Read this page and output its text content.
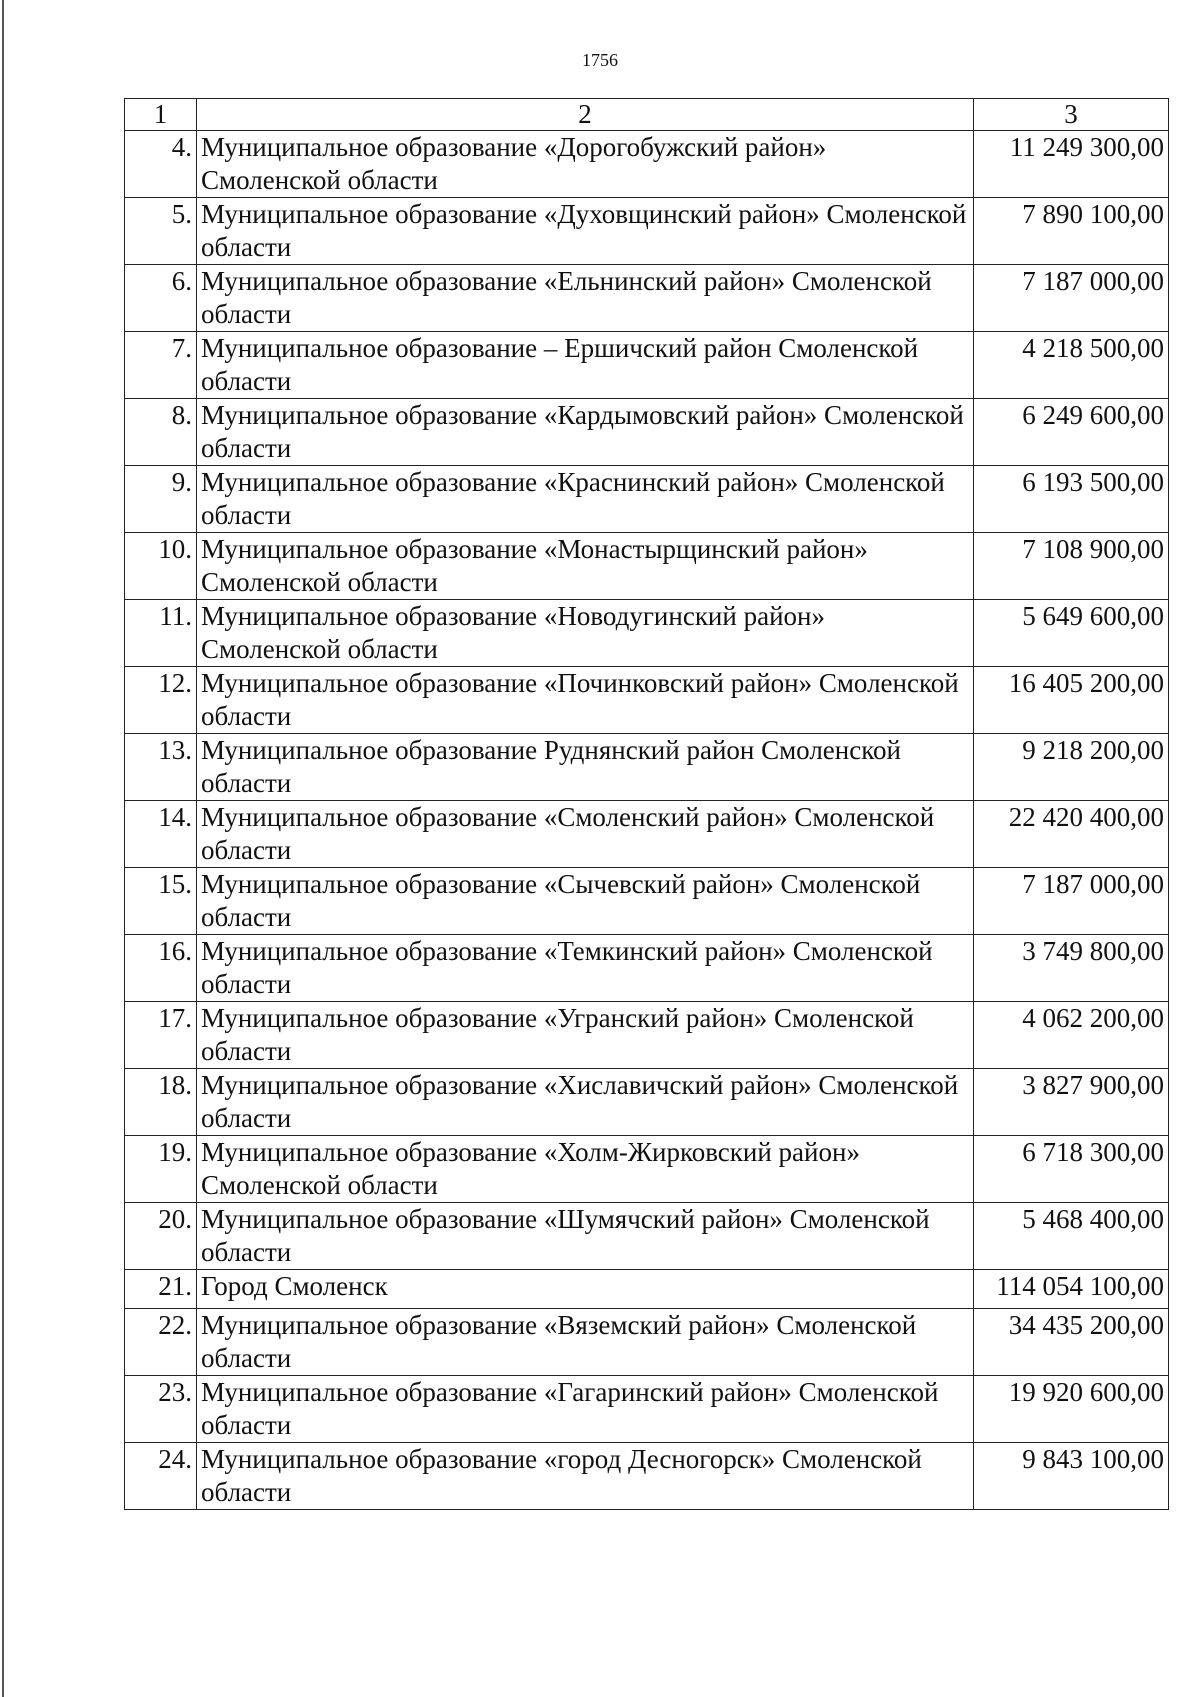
1756
1	2	3
4.	Муниципальное образование «Дорогобужский район» Смоленской области	11 249 300,00
5.	Муниципальное образование «Духовщинский район» Смоленской области	7 890 100,00
6.	Муниципальное образование «Ельнинский район» Смоленской области	7 187 000,00
7.	Муниципальное образование – Ершичский район Смоленской области	4 218 500,00
8.	Муниципальное образование «Кардымовский район» Смоленской области	6 249 600,00
9.	Муниципальное образование «Краснинский район» Смоленской области	6 193 500,00
10.	Муниципальное образование «Монастырщинский район» Смоленской области	7 108 900,00
11.	Муниципальное образование «Новодугинский район» Смоленской области	5 649 600,00
12.	Муниципальное образование «Починковский район» Смоленской области	16 405 200,00
13.	Муниципальное образование Руднянский район Смоленской области	9 218 200,00
14.	Муниципальное образование «Смоленский район» Смоленской области	22 420 400,00
15.	Муниципальное образование «Сычевский район» Смоленской области	7 187 000,00
16.	Муниципальное образование «Темкинский район» Смоленской области	3 749 800,00
17.	Муниципальное образование «Угранский район» Смоленской области	4 062 200,00
18.	Муниципальное образование «Хиславичский район» Смоленской области	3 827 900,00
19.	Муниципальное образование «Холм-Жирковский район» Смоленской области	6 718 300,00
20.	Муниципальное образование «Шумячский район» Смоленской области	5 468 400,00
21.	Город Смоленск	114 054 100,00
22.	Муниципальное образование «Вяземский район» Смоленской области	34 435 200,00
23.	Муниципальное образование «Гагаринский район» Смоленской области	19 920 600,00
24.	Муниципальное образование «город Десногорск» Смоленской области	9 843 100,00
